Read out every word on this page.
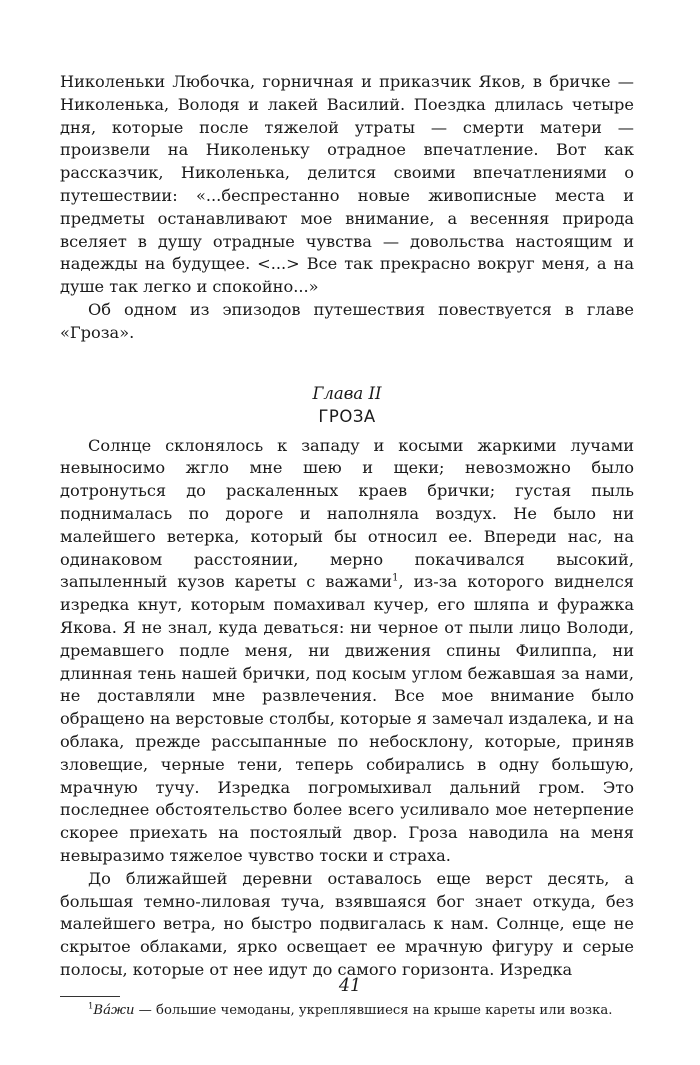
Николеньки Любочка, горничная и приказчик Яков, в бричке — Николенька, Володя и лакей Василий. Поездка длилась четыре дня, которые после тяжелой утраты — смерти матери — произвели на Николеньку отрадное впечатление. Вот как рассказчик, Николенька, делится своими впечатлениями о путешествии: «...беспрестанно новые живописные места и предметы останавливают мое внимание, а весенняя природа вселяет в душу отрадные чувства — довольства настоящим и надежды на будущее. <...> Все так прекрасно вокруг меня, а на душе так легко и спокойно...»

Об одном из эпизодов путешествия повествуется в главе «Гроза».

Глава II
ГРОЗА

Солнце склонялось к западу и косыми жаркими лучами невыносимо жгло мне шею и щеки; невозможно было дотронуться до раскаленных краев брички; густая пыль поднималась по дороге и наполняла воздух. Не было ни малейшего ветерка, который бы относил ее. Впереди нас, на одинаковом расстоянии, мерно покачивался высокий, запыленный кузов кареты с важами$^1$, из-за которого виднелся изредка кнут, которым помахивал кучер, его шляпа и фуражка Якова. Я не знал, куда деваться: ни черное от пыли лицо Володи, дремавшего подле меня, ни движения спины Филиппа, ни длинная тень нашей брички, под косым углом бежавшая за нами, не доставляли мне развлечения. Все мое внимание было обращено на верстовые столбы, которые я замечал издалека, и на облака, прежде рассыпанные по небосклону, которые, приняв зловещие, черные тени, теперь собирались в одну большую, мрачную тучу. Изредка погромыхивал дальний гром. Это последнее обстоятельство более всего усиливало мое нетерпение скорее приехать на постоялый двор. Гроза наводила на меня невыразимо тяжелое чувство тоски и страха.

До ближайшей деревни оставалось еще верст десять, а большая темно-лиловая туча, взявшаяся бог знает откуда, без малейшего ветра, но быстро подвигалась к нам. Солнце, еще не скрытое облаками, ярко освещает ее мрачную фигуру и серые полосы, которые от нее идут до самого горизонта. Изредка

$^1$Ва́жи — большие чемоданы, укреплявшиеся на крыше кареты или возка.
41
